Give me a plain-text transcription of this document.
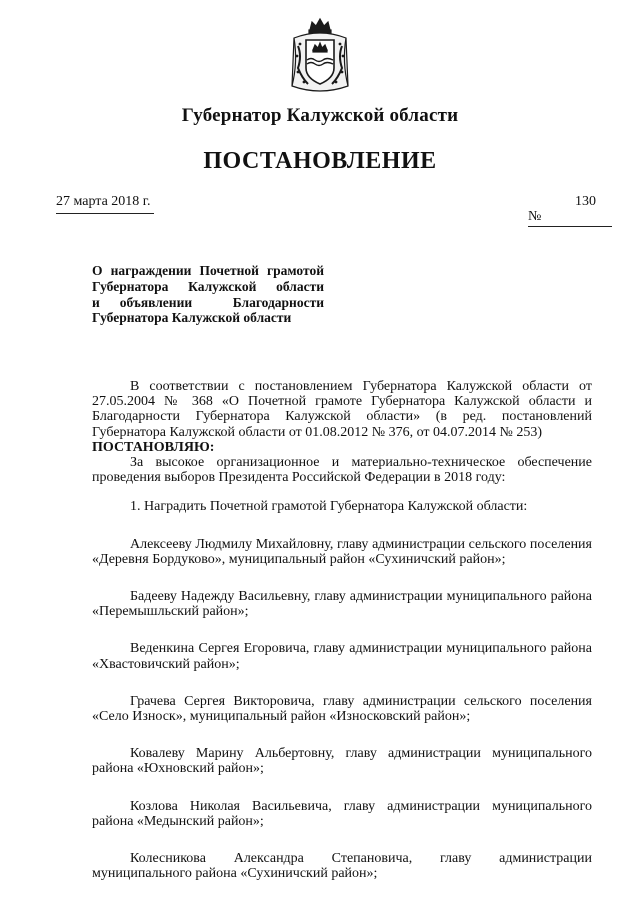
Губернатор Калужской области
ПОСТАНОВЛЕНИЕ
27 марта 2018 г.	130
№
О награждении Почетной грамотой
Губернатора Калужской области
и объявлении Благодарности
Губернатора Калужской области

В соответствии с постановлением Губернатора Калужской области от 27.05.2004 № 368 «О Почетной грамоте Губернатора Калужской области и Благодарности Губернатора Калужской области» (в ред. постановлений Губернатора Калужской области от 01.08.2012 № 376, от 04.07.2014 № 253)

ПОСТАНОВЛЯЮ:

За высокое организационное и материально-техническое обеспечение проведения выборов Президента Российской Федерации в 2018 году:

1. Наградить Почетной грамотой Губернатора Калужской области:

Алексееву Людмилу Михайловну, главу администрации сельского поселения
«Деревня Бордуково», муниципальный район «Сухиничский район»;
Бадееву Надежду Васильевну, главу администрации муниципального района
«Перемышльский район»;
Веденкина Сергея Егоровича, главу администрации муниципального района
«Хвастовичский район»;
Грачева Сергея Викторовича, главу администрации сельского поселения
«Село Износк», муниципальный район «Износковский район»;
Ковалеву Марину Альбертовну, главу администрации муниципального
района «Юхновский район»;
Козлова Николая Васильевича, главу администрации муниципального
района «Медынский район»;
Колесникова Александра Степановича, главу администрации
муниципального района «Сухиничский район»;
